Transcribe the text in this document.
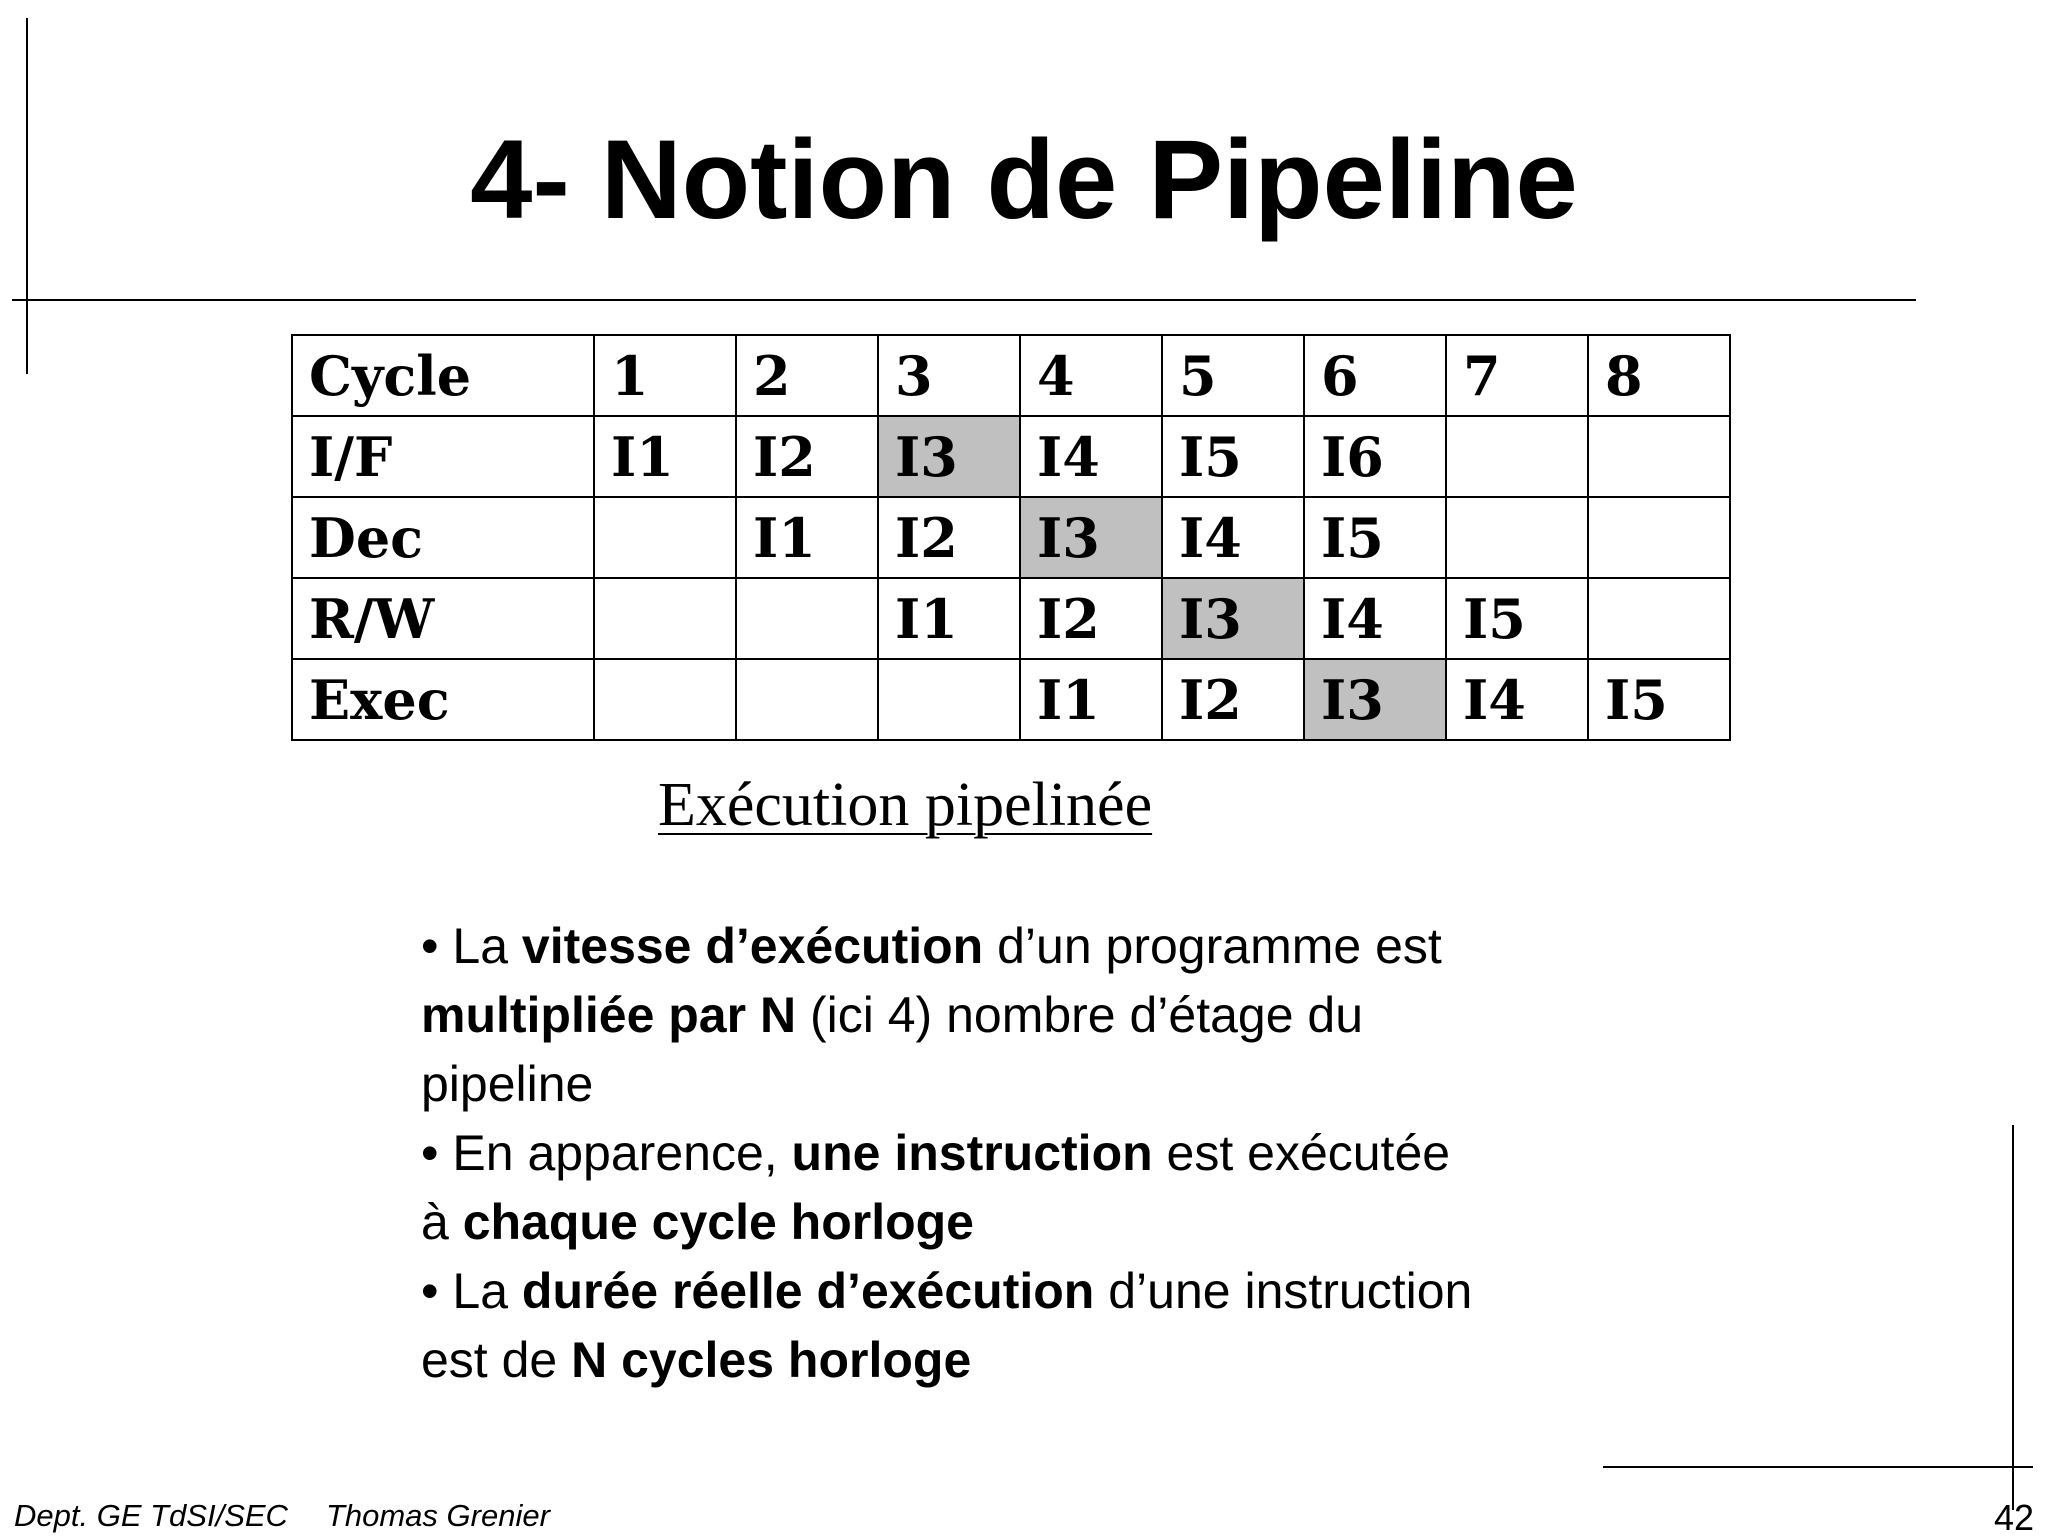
4- Notion de Pipeline
Cycle	1	2	3	4	5	6	7	8
I/F	I1	I2	I3	I4	I5	I6		
Dec		I1	I2	I3	I4	I5		
R/W			I1	I2	I3	I4	I5	
Exec				I1	I2	I3	I4	I5
Exécution pipelinée
• La vitesse d’exécution d’un programme est
multipliée par N (ici 4) nombre d’étage du
pipeline
• En apparence, une instruction est exécutée
à chaque cycle horloge
• La durée réelle d’exécution d’une instruction
est de N cycles horloge
Dept. GE TdSI/SEC Thomas Grenier	42
